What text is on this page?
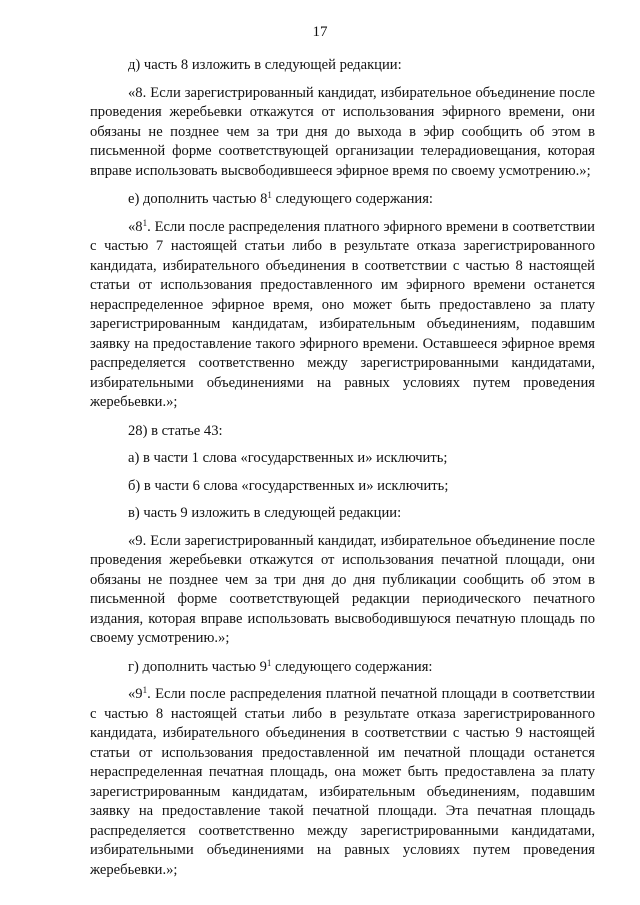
17

д) часть 8 изложить в следующей редакции:

«8. Если зарегистрированный кандидат, избирательное объединение после проведения жеребьевки откажутся от использования эфирного времени, они обязаны не позднее чем за три дня до выхода в эфир сообщить об этом в письменной форме соответствующей организации телерадиовещания, которая вправе использовать высвободившееся эфирное время по своему усмотрению.»;

е) дополнить частью $8^1$ следующего содержания:

«$8^1$. Если после распределения платного эфирного времени в соответствии с частью 7 настоящей статьи либо в результате отказа зарегистрированного кандидата, избирательного объединения в соответствии с частью 8 настоящей статьи от использования предоставленного им эфирного времени останется нераспределенное эфирное время, оно может быть предоставлено за плату зарегистрированным кандидатам, избирательным объединениям, подавшим заявку на предоставление такого эфирного времени. Оставшееся эфирное время распределяется соответственно между зарегистрированными кандидатами, избирательными объединениями на равных условиях путем проведения жеребьевки.»;

28) в статье 43:

а) в части 1 слова «государственных и» исключить;

б) в части 6 слова «государственных и» исключить;

в) часть 9 изложить в следующей редакции:

«9. Если зарегистрированный кандидат, избирательное объединение после проведения жеребьевки откажутся от использования печатной площади, они обязаны не позднее чем за три дня до дня публикации сообщить об этом в письменной форме соответствующей редакции периодического печатного издания, которая вправе использовать высвободившуюся печатную площадь по своему усмотрению.»;

г) дополнить частью $9^1$ следующего содержания:

«$9^1$. Если после распределения платной печатной площади в соответствии с частью 8 настоящей статьи либо в результате отказа зарегистрированного кандидата, избирательного объединения в соответствии с частью 9 настоящей статьи от использования предоставленной им печатной площади останется нераспределенная печатная площадь, она может быть предоставлена за плату зарегистрированным кандидатам, избирательным объединениям, подавшим заявку на предоставление такой печатной площади. Эта печатная площадь распределяется соответственно между зарегистрированными кандидатами, избирательными объединениями на равных условиях путем проведения жеребьевки.»;
